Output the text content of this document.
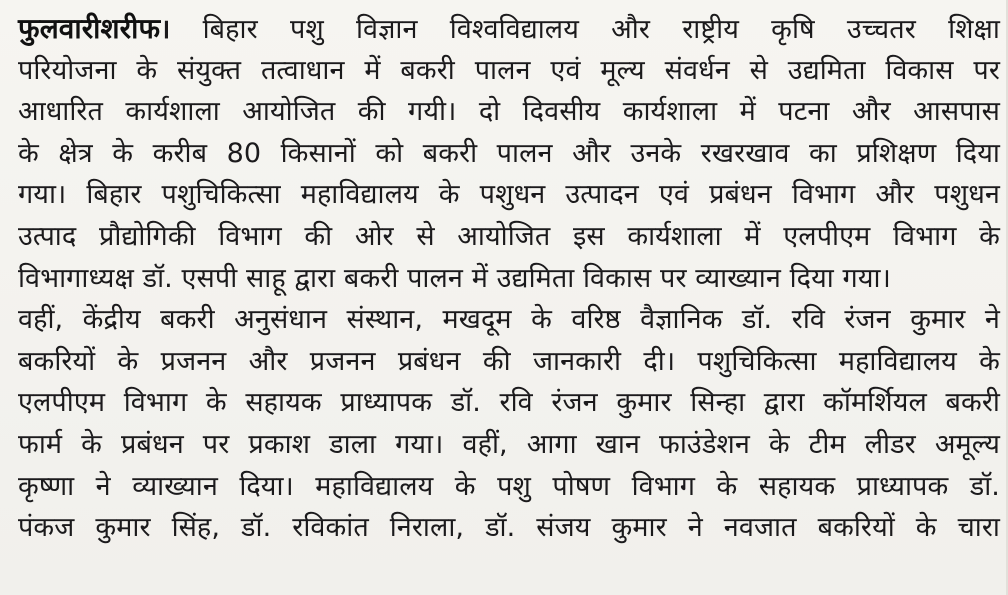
फुलवारीशरीफ। बिहार पशु विज्ञान विश्वविद्यालय और राष्ट्रीय कृषि उच्चतर शिक्षा
परियोजना के संयुक्त तत्वाधान में बकरी पालन एवं मूल्य संवर्धन से उद्यमिता विकास पर
आधारित कार्यशाला आयोजित की गयी। दो दिवसीय कार्यशाला में पटना और आसपास
के क्षेत्र के करीब 80 किसानों को बकरी पालन और उनके रखरखाव का प्रशिक्षण दिया
गया। बिहार पशुचिकित्सा महाविद्यालय के पशुधन उत्पादन एवं प्रबंधन विभाग और पशुधन
उत्पाद प्रौद्योगिकी विभाग की ओर से आयोजित इस कार्यशाला में एलपीएम विभाग के
विभागाध्यक्ष डॉ. एसपी साहू द्वारा बकरी पालन में उद्यमिता विकास पर व्याख्यान दिया गया।
वहीं, केंद्रीय बकरी अनुसंधान संस्थान, मखदूम के वरिष्ठ वैज्ञानिक डॉ. रवि रंजन कुमार ने
बकरियों के प्रजनन और प्रजनन प्रबंधन की जानकारी दी। पशुचिकित्सा महाविद्यालय के
एलपीएम विभाग के सहायक प्राध्यापक डॉ. रवि रंजन कुमार सिन्हा द्वारा कॉमर्शियल बकरी
फार्म के प्रबंधन पर प्रकाश डाला गया। वहीं, आगा खान फाउंडेशन के टीम लीडर अमूल्य
कृष्णा ने व्याख्यान दिया। महाविद्यालय के पशु पोषण विभाग के सहायक प्राध्यापक डॉ.
पंकज कुमार सिंह, डॉ. रविकांत निराला, डॉ. संजय कुमार ने नवजात बकरियों के चारा
